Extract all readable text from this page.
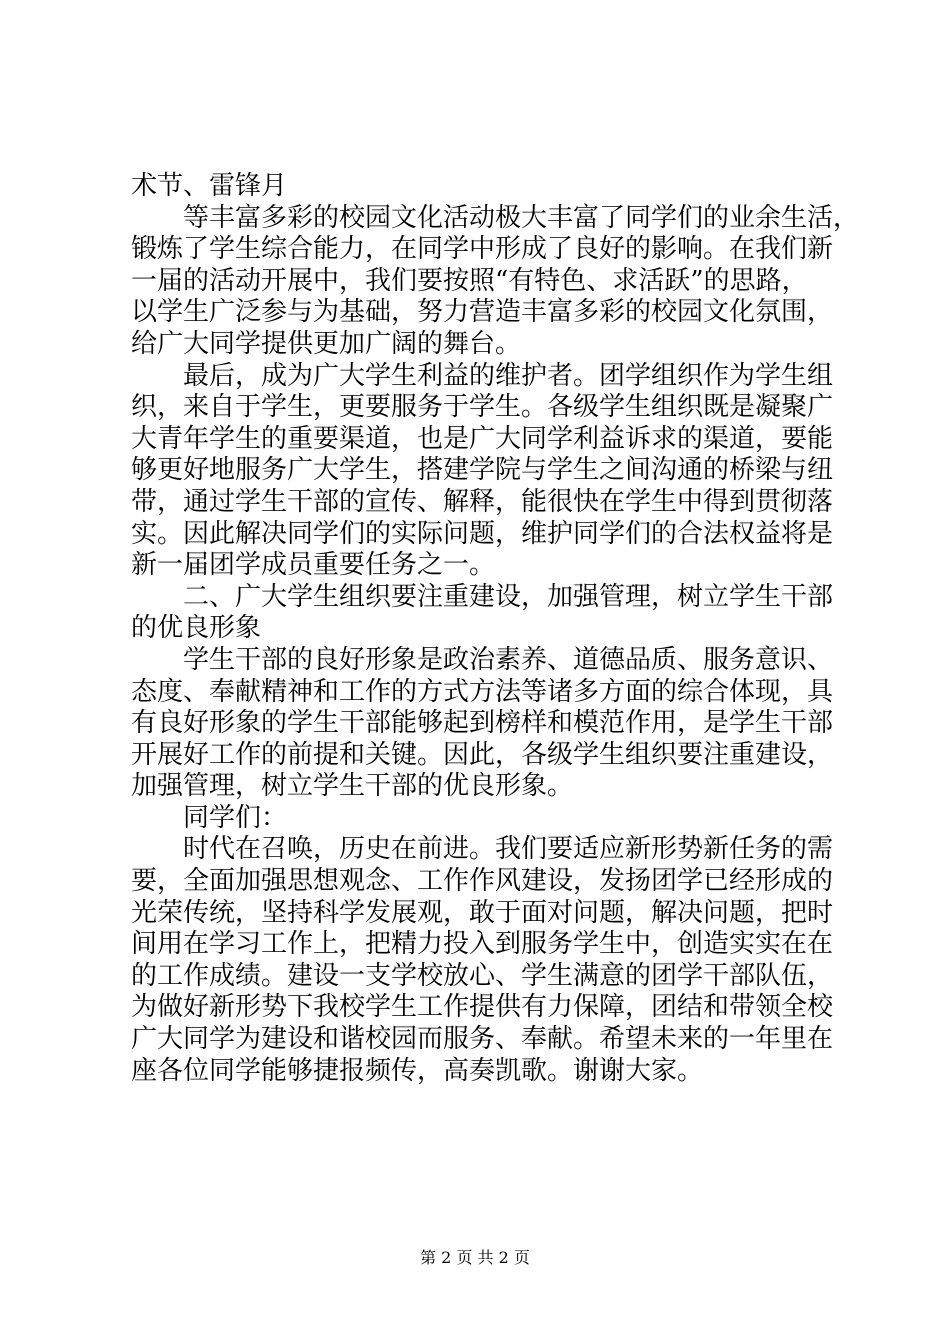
术节、雷锋月
　　等丰富多彩的校园文化活动极大丰富了同学们的业余生活，
锻炼了学生综合能力，在同学中形成了良好的影响。在我们新
一届的活动开展中，我们要按照“有特色、求活跃”的思路，
以学生广泛参与为基础，努力营造丰富多彩的校园文化氛围，
给广大同学提供更加广阔的舞台。

　　最后，成为广大学生利益的维护者。团学组织作为学生组
织，来自于学生，更要服务于学生。各级学生组织既是凝聚广
大青年学生的重要渠道，也是广大同学利益诉求的渠道，要能
够更好地服务广大学生，搭建学院与学生之间沟通的桥梁与纽
带，通过学生干部的宣传、解释，能很快在学生中得到贯彻落
实。因此解决同学们的实际问题，维护同学们的合法权益将是
新一届团学成员重要任务之一。

　　二、广大学生组织要注重建设，加强管理，树立学生干部
的优良形象

　　学生干部的良好形象是政治素养、道德品质、服务意识、
态度、奉献精神和工作的方式方法等诸多方面的综合体现，具
有良好形象的学生干部能够起到榜样和模范作用，是学生干部
开展好工作的前提和关键。因此，各级学生组织要注重建设，
加强管理，树立学生干部的优良形象。

　　同学们：

　　时代在召唤，历史在前进。我们要适应新形势新任务的需
要，全面加强思想观念、工作作风建设，发扬团学已经形成的
光荣传统，坚持科学发展观，敢于面对问题，解决问题，把时
间用在学习工作上，把精力投入到服务学生中，创造实实在在
的工作成绩。建设一支学校放心、学生满意的团学干部队伍，
为做好新形势下我校学生工作提供有力保障，团结和带领全校
广大同学为建设和谐校园而服务、奉献。希望未来的一年里在
座各位同学能够捷报频传，高奏凯歌。谢谢大家。

第 2 页 共 2 页
